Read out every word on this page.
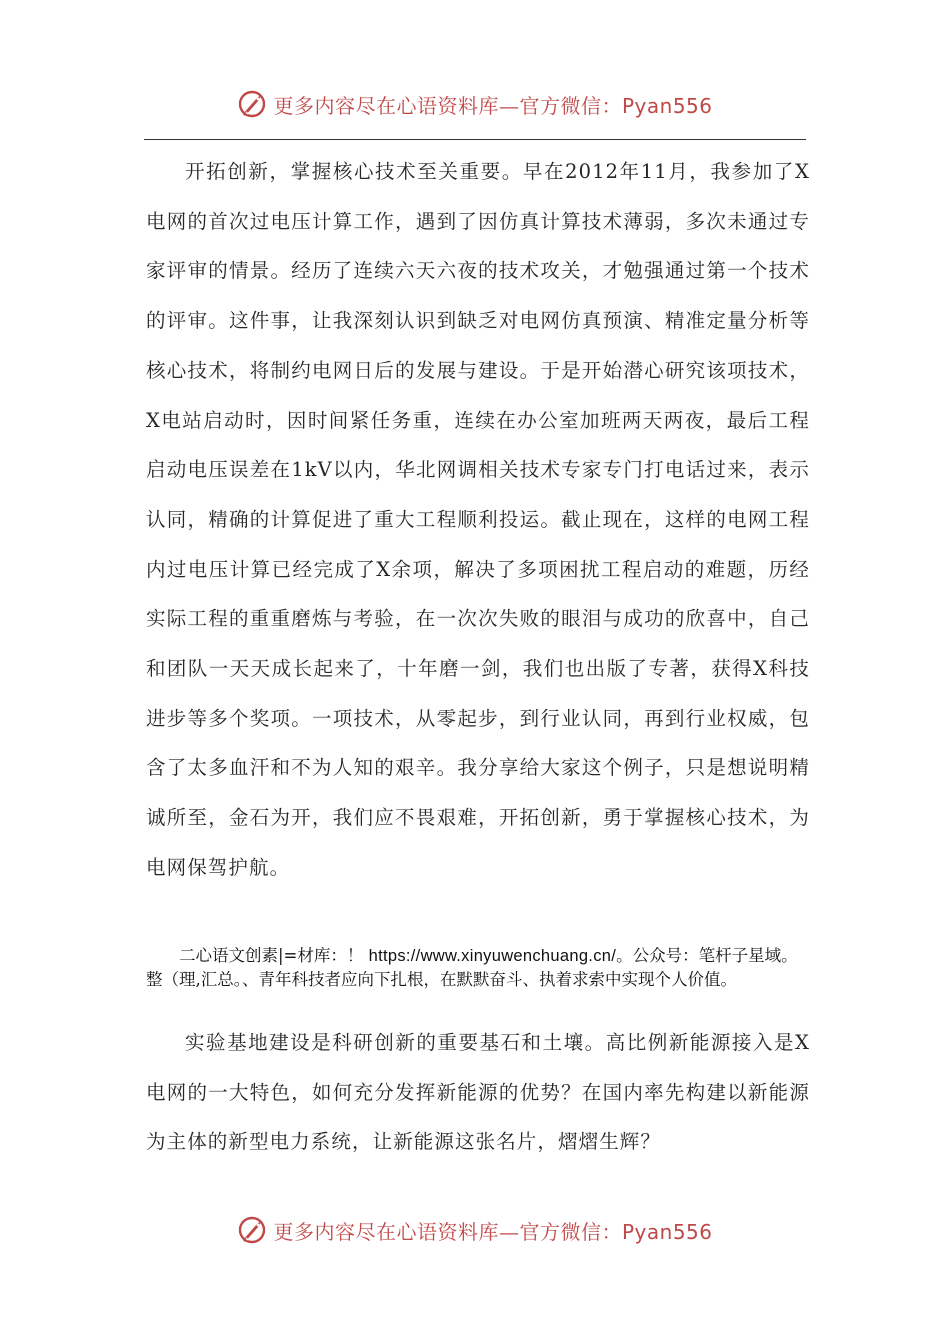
更多内容尽在心语资料库—官方微信：Pyan556

开拓创新，掌握核心技术至关重要。早在2012年11月，我参加了X电网的首次过电压计算工作，遇到了因仿真计算技术薄弱，多次未通过专家评审的情景。经历了连续六天六夜的技术攻关，才勉强通过第一个技术的评审。这件事，让我深刻认识到缺乏对电网仿真预演、精准定量分析等核心技术，将制约电网日后的发展与建设。于是开始潜心研究该项技术，X电站启动时，因时间紧任务重，连续在办公室加班两天两夜，最后工程启动电压误差在1kV以内，华北网调相关技术专家专门打电话过来，表示认同，精确的计算促进了重大工程顺利投运。截止现在，这样的电网工程内过电压计算已经完成了X余项，解决了多项困扰工程启动的难题，历经实际工程的重重磨炼与考验，在一次次失败的眼泪与成功的欣喜中，自己和团队一天天成长起来了，十年磨一剑，我们也出版了专著，获得X科技进步等多个奖项。一项技术，从零起步，到行业认同，再到行业权威，包含了太多血汗和不为人知的艰辛。我分享给大家这个例子，只是想说明精诚所至，金石为开，我们应不畏艰难，开拓创新，勇于掌握核心技术，为电网保驾护航。

二心语文创素|=材库：！ https://www.xinyuwenchuang.cn/。公众号：笔杆子星域。整（理,汇总。、青年科技者应向下扎根，在默默奋斗、执着求索中实现个人价值。

实验基地建设是科研创新的重要基石和土壤。高比例新能源接入是X电网的一大特色，如何充分发挥新能源的优势？在国内率先构建以新能源为主体的新型电力系统，让新能源这张名片，熠熠生辉？

更多内容尽在心语资料库—官方微信：Pyan556
